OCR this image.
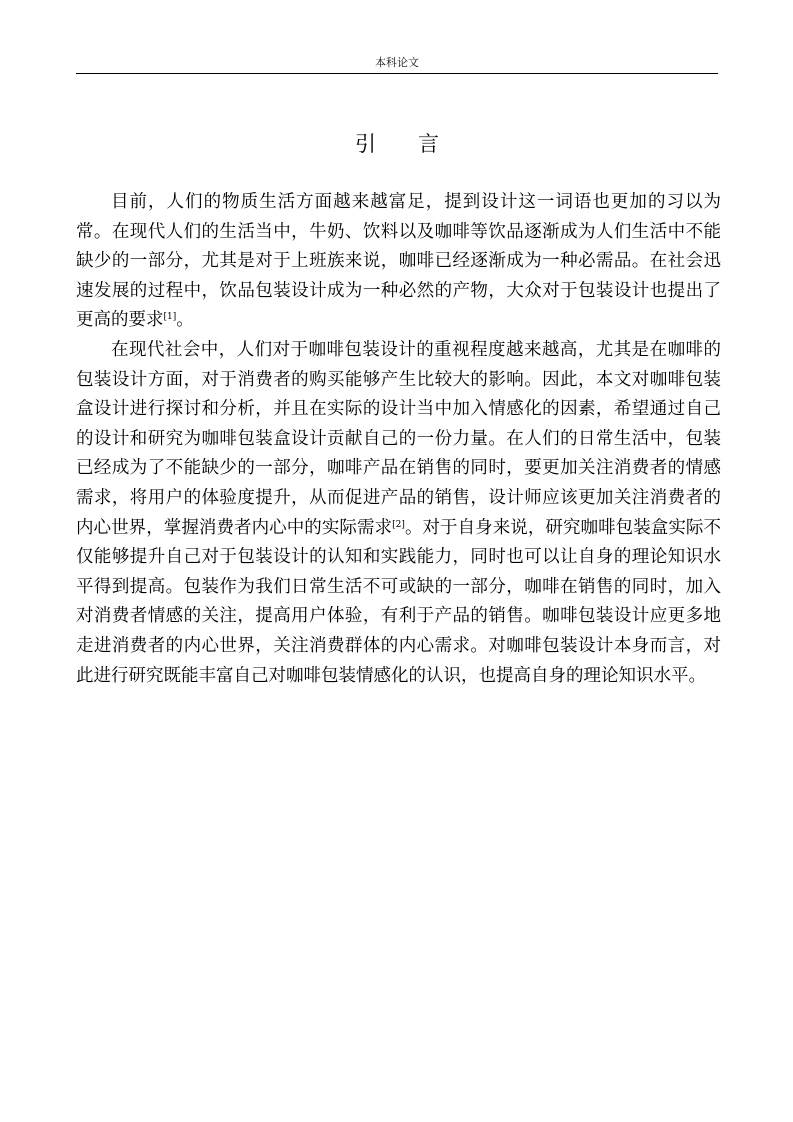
本科论文
引言

目前，人们的物质生活方面越来越富足，提到设计这一词语也更加的习以为常。在现代人们的生活当中，牛奶、饮料以及咖啡等饮品逐渐成为人们生活中不能缺少的一部分，尤其是对于上班族来说，咖啡已经逐渐成为一种必需品。在社会迅速发展的过程中，饮品包装设计成为一种必然的产物，大众对于包装设计也提出了更高的要求[1]。

在现代社会中，人们对于咖啡包装设计的重视程度越来越高，尤其是在咖啡的包装设计方面，对于消费者的购买能够产生比较大的影响。因此，本文对咖啡包装盒设计进行探讨和分析，并且在实际的设计当中加入情感化的因素，希望通过自己的设计和研究为咖啡包装盒设计贡献自己的一份力量。在人们的日常生活中，包装已经成为了不能缺少的一部分，咖啡产品在销售的同时，要更加关注消费者的情感需求，将用户的体验度提升，从而促进产品的销售，设计师应该更加关注消费者的内心世界，掌握消费者内心中的实际需求[2]。对于自身来说，研究咖啡包装盒实际不仅能够提升自己对于包装设计的认知和实践能力，同时也可以让自身的理论知识水平得到提高。包装作为我们日常生活不可或缺的一部分，咖啡在销售的同时，加入对消费者情感的关注，提高用户体验，有利于产品的销售。咖啡包装设计应更多地走进消费者的内心世界，关注消费群体的内心需求。对咖啡包装设计本身而言，对此进行研究既能丰富自己对咖啡包装情感化的认识，也提高自身的理论知识水平。
